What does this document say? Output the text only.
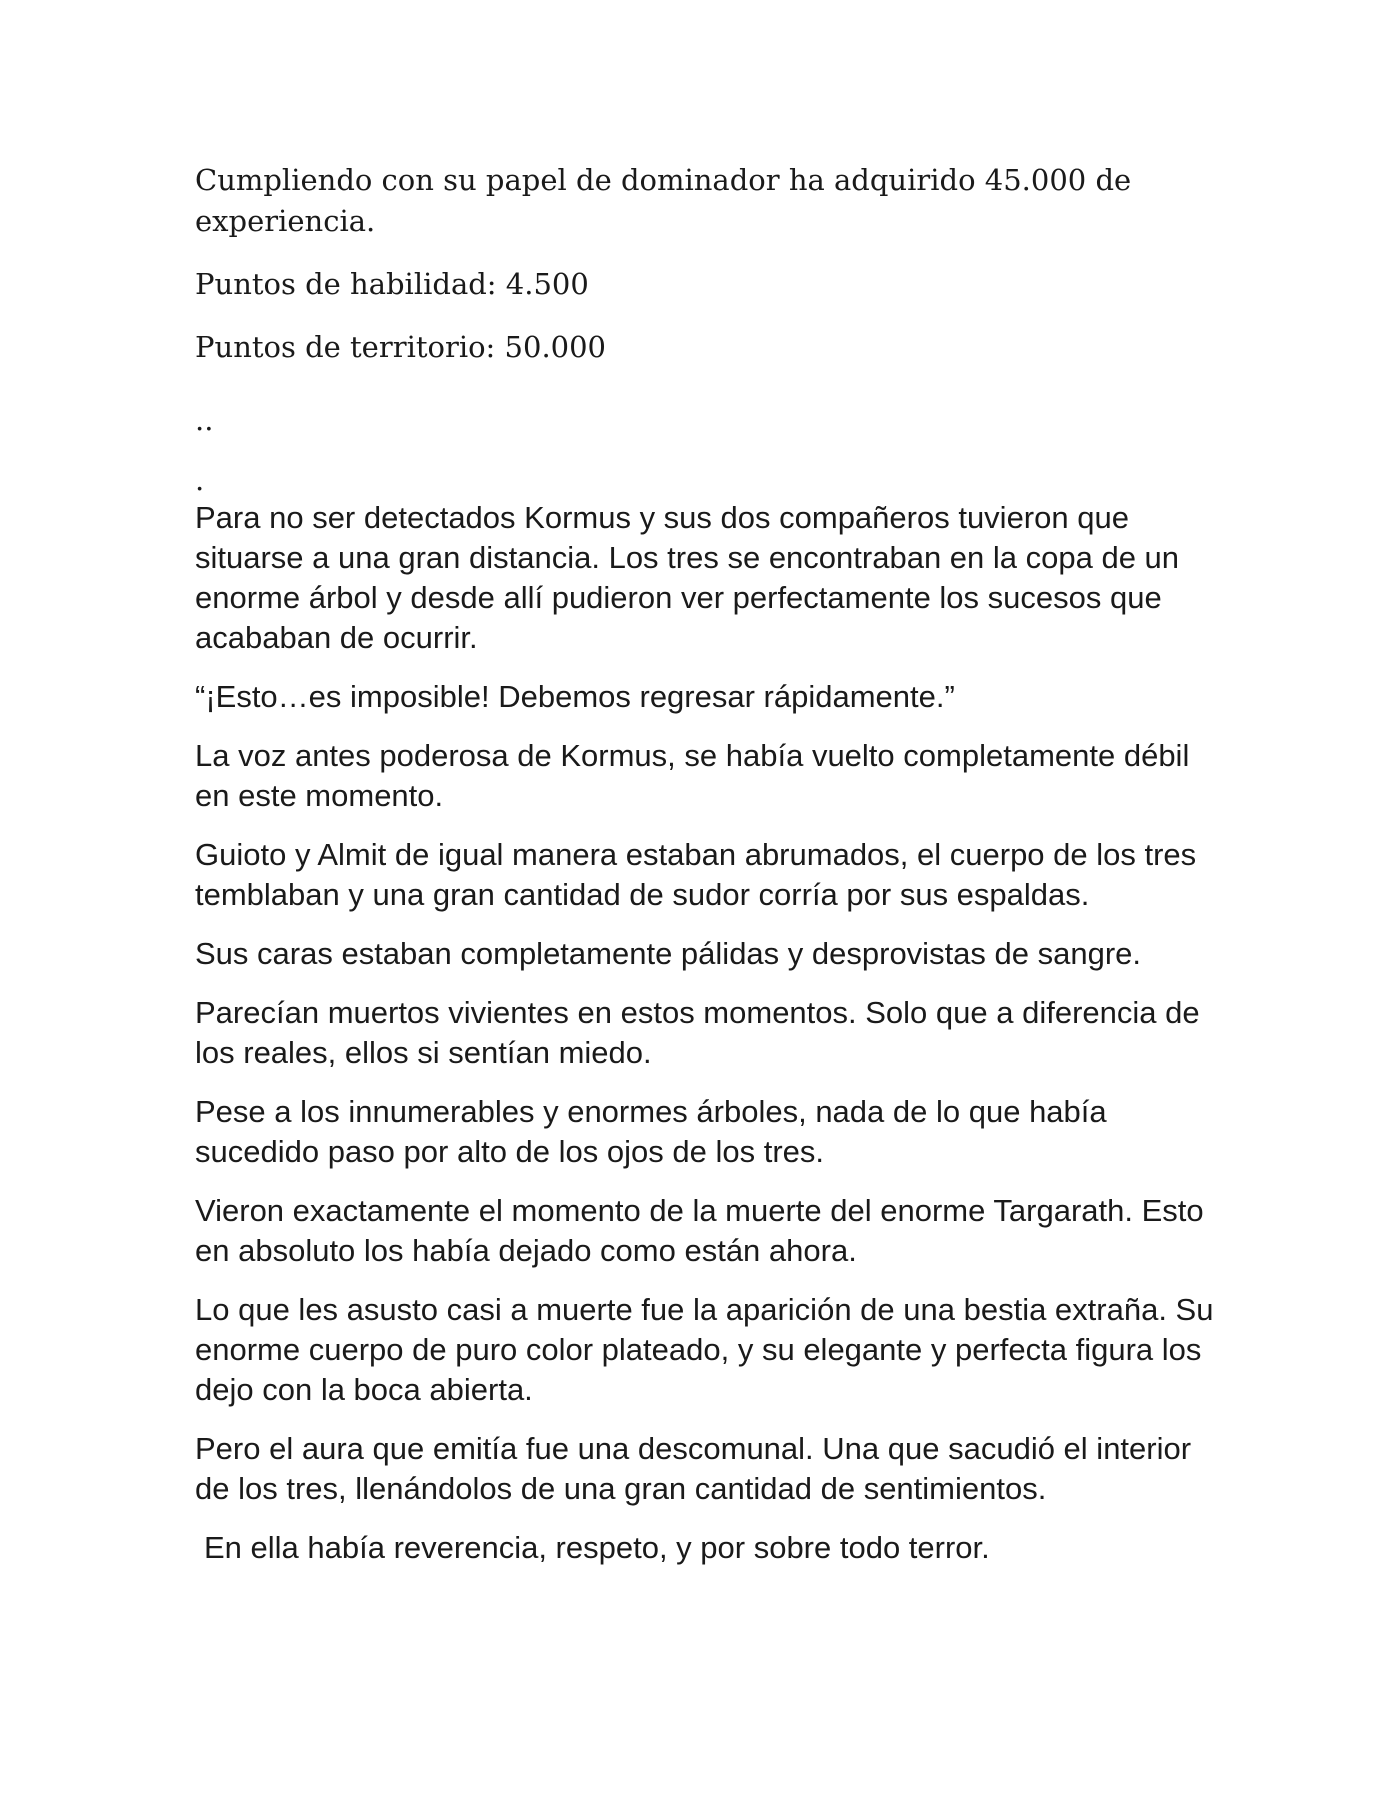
Cumpliendo con su papel de dominador ha adquirido 45.000 de experiencia.

Puntos de habilidad: 4.500

Puntos de territorio: 50.000

..

.

Para no ser detectados Kormus y sus dos compañeros tuvieron que situarse a una gran distancia. Los tres se encontraban en la copa de un enorme árbol y desde allí pudieron ver perfectamente los sucesos que acababan de ocurrir.

“¡Esto…es imposible! Debemos regresar rápidamente.”

La voz antes poderosa de Kormus, se había vuelto completamente débil en este momento.

Guioto y Almit de igual manera estaban abrumados, el cuerpo de los tres temblaban y una gran cantidad de sudor corría por sus espaldas.

Sus caras estaban completamente pálidas y desprovistas de sangre.

Parecían muertos vivientes en estos momentos. Solo que a diferencia de los reales, ellos si sentían miedo.

Pese a los innumerables y enormes árboles, nada de lo que había sucedido paso por alto de los ojos de los tres.

Vieron exactamente el momento de la muerte del enorme Targarath. Esto en absoluto los había dejado como están ahora.

Lo que les asusto casi a muerte fue la aparición de una bestia extraña. Su enorme cuerpo de puro color plateado, y su elegante y perfecta figura los dejo con la boca abierta.

Pero el aura que emitía fue una descomunal. Una que sacudió el interior de los tres, llenándolos de una gran cantidad de sentimientos.

En ella había reverencia, respeto, y por sobre todo terror.
